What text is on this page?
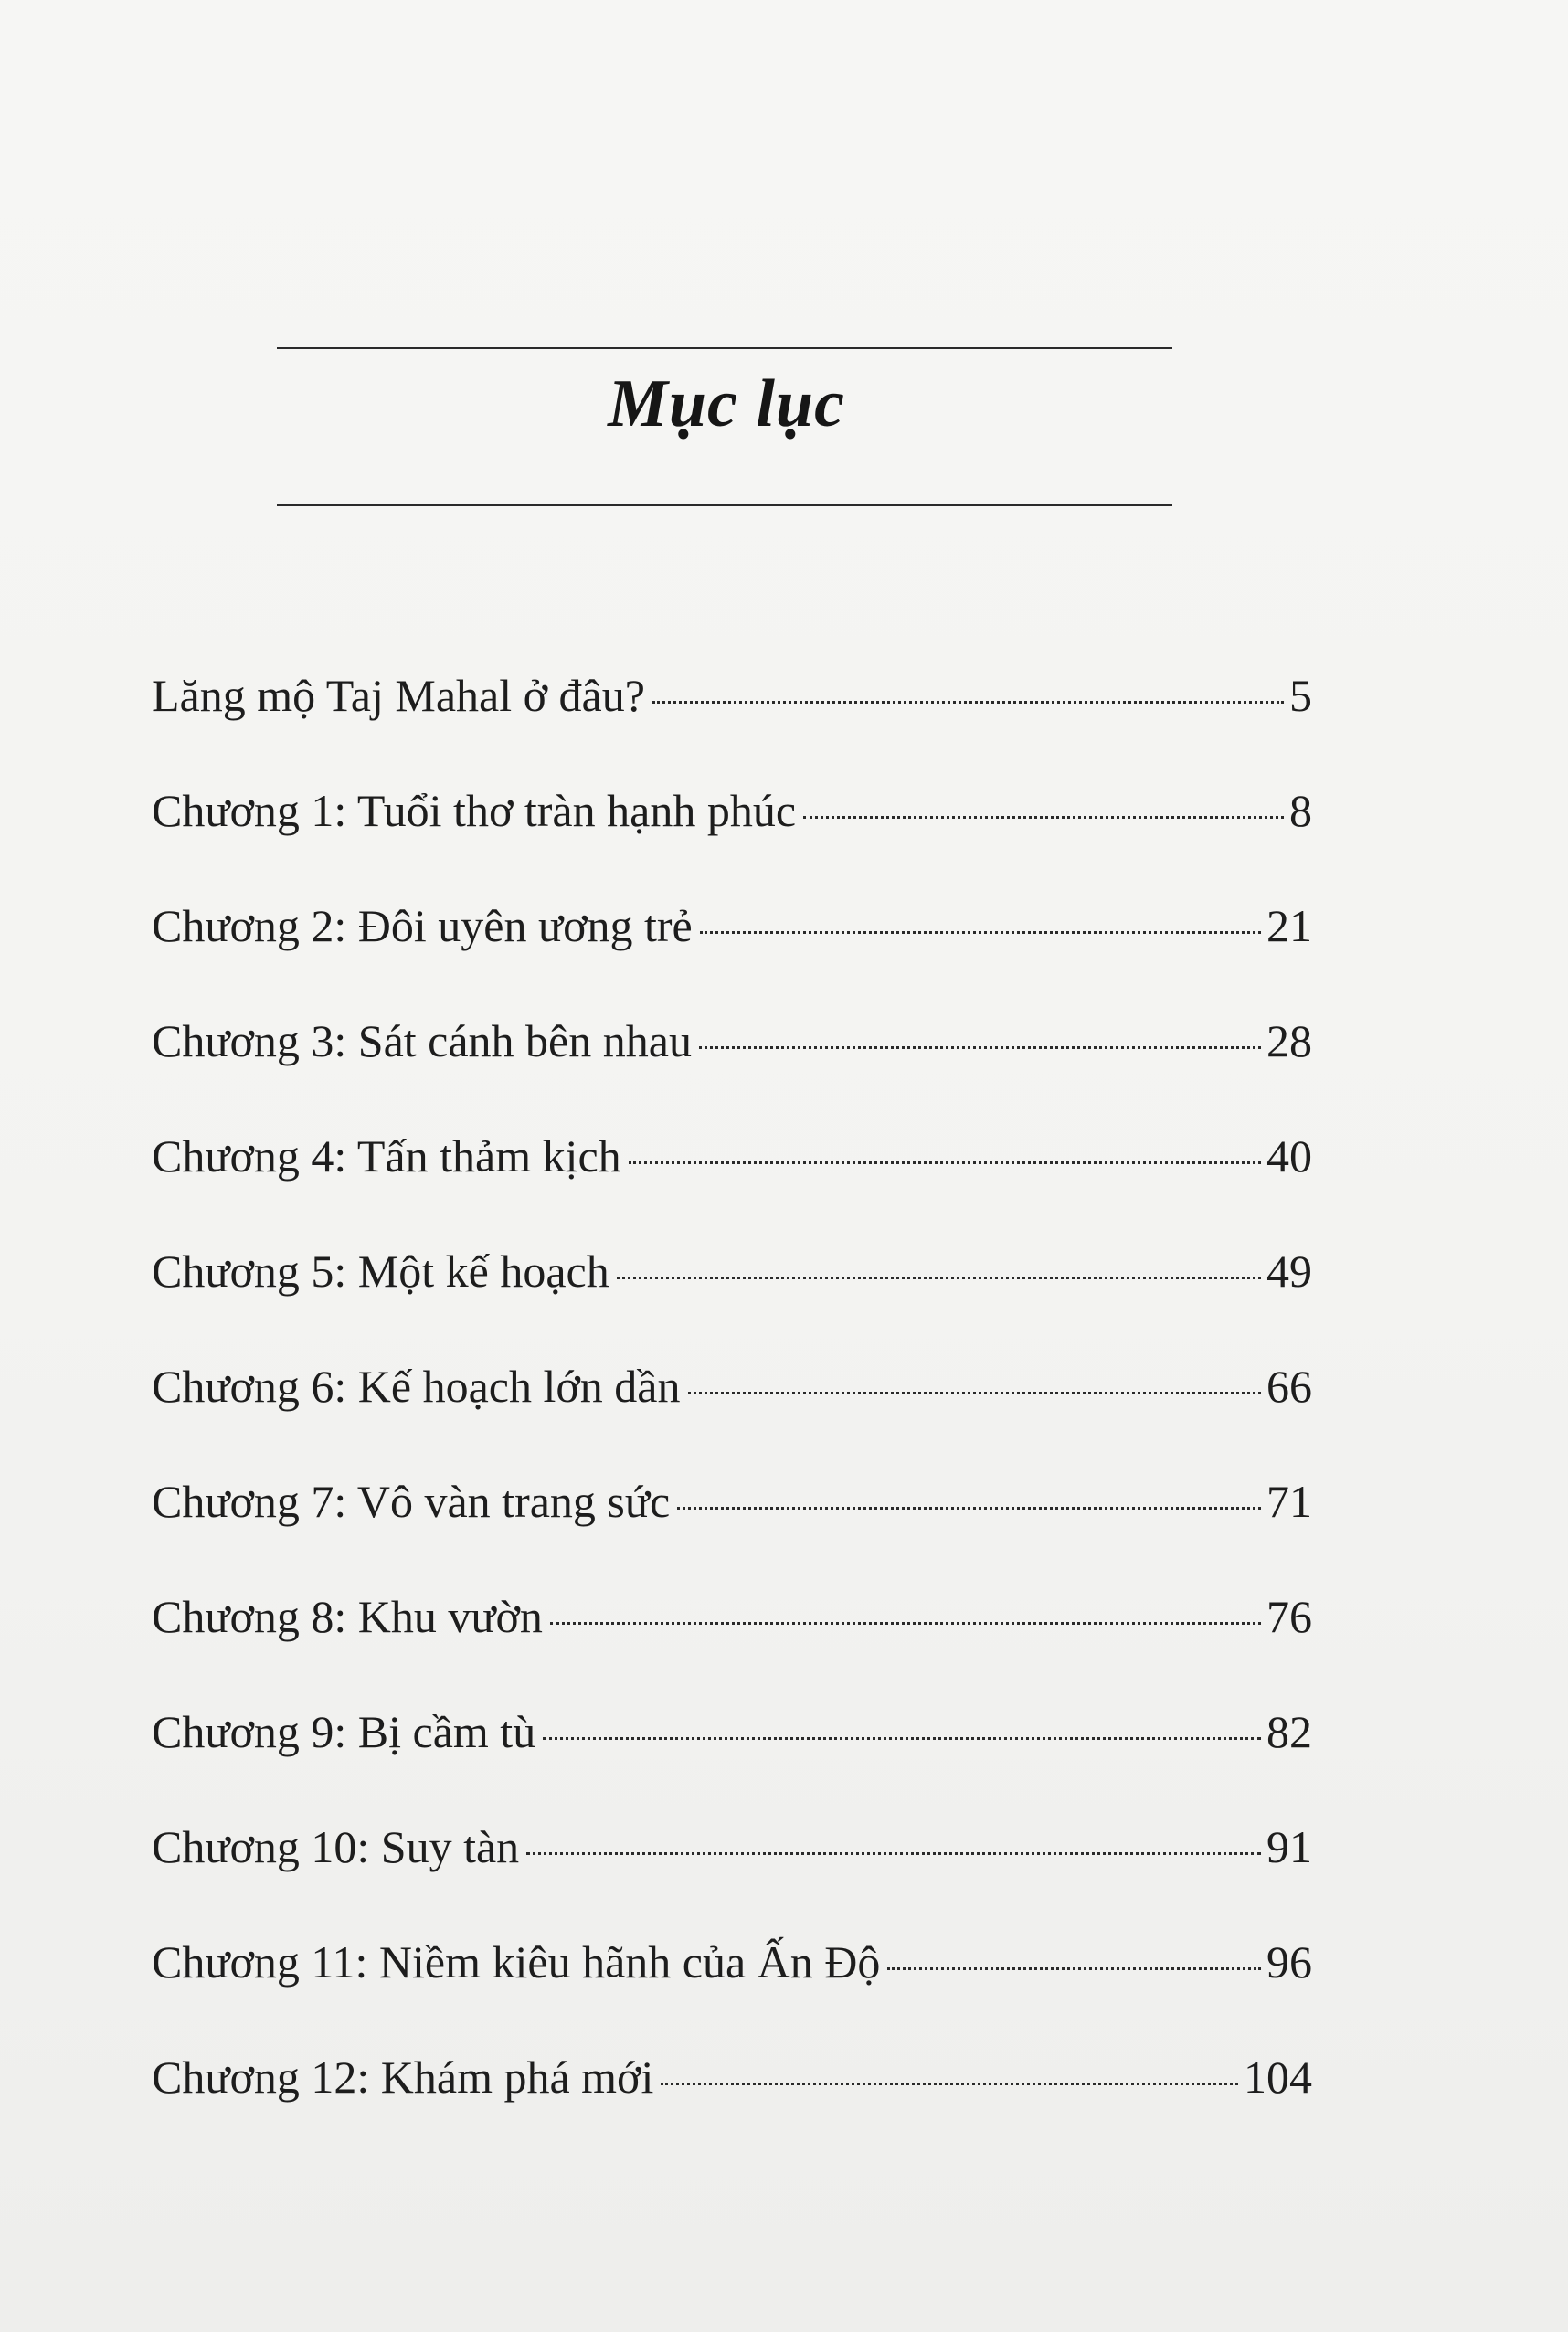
Mục lục
Lăng mộ Taj Mahal ở đâu?	5
Chương 1: Tuổi thơ tràn hạnh phúc	8
Chương 2: Đôi uyên ương trẻ	21
Chương 3: Sát cánh bên nhau	28
Chương 4: Tấn thảm kịch	40
Chương 5: Một kế hoạch	49
Chương 6: Kế hoạch lớn dần	66
Chương 7: Vô vàn trang sức	71
Chương 8: Khu vườn	76
Chương 9: Bị cầm tù	82
Chương 10: Suy tàn	91
Chương 11: Niềm kiêu hãnh của Ấn Độ	96
Chương 12: Khám phá mới	104
